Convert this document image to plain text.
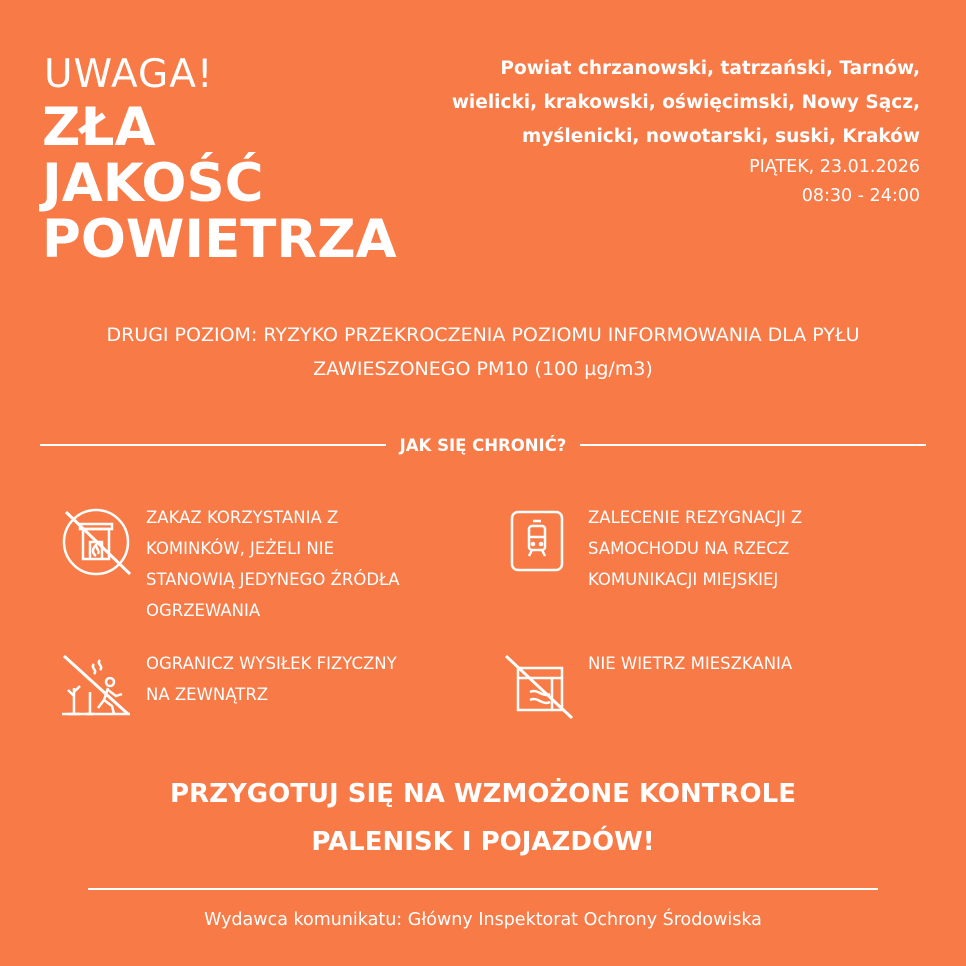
UWAGA!
ZŁA
JAKOŚĆ
POWIETRZA
Powiat chrzanowski, tatrzański, Tarnów,
wielicki, krakowski, oświęcimski, Nowy Sącz,
myślenicki, nowotarski, suski, Kraków
PIĄTEK, 23.01.2026
08:30 - 24:00
DRUGI POZIOM: RYZYKO PRZEKROCZENIA POZIOMU INFORMOWANIA DLA PYŁU
ZAWIESZONEGO PM10 (100 µg/m3)
JAK SIĘ CHRONIĆ?
ZAKAZ KORZYSTANIA Z
KOMINKÓW, JEŻELI NIE
STANOWIĄ JEDYNEGO ŹRÓDŁA
OGRZEWANIA
ZALECENIE REZYGNACJI Z
SAMOCHODU NA RZECZ
KOMUNIKACJI MIEJSKIEJ
OGRANICZ WYSIŁEK FIZYCZNY
NA ZEWNĄTRZ
NIE WIETRZ MIESZKANIA
PRZYGOTUJ SIĘ NA WZMOŻONE KONTROLE
PALENISK I POJAZDÓW!
Wydawca komunikatu: Główny Inspektorat Ochrony Środowiska
